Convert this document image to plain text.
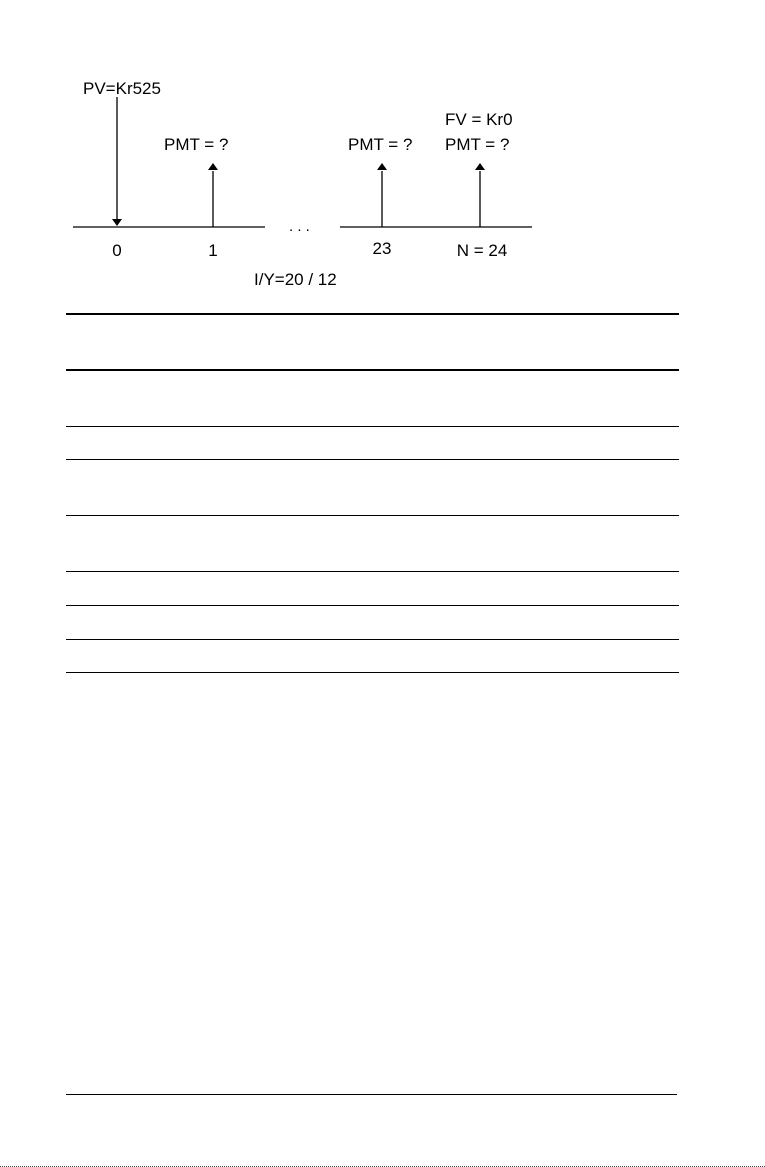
PV=Kr525
FV = Kr0
PMT = ?	PMT = ? PMT = ?
. . .
0	1	23	N = 24
I/Y=20 / 12
